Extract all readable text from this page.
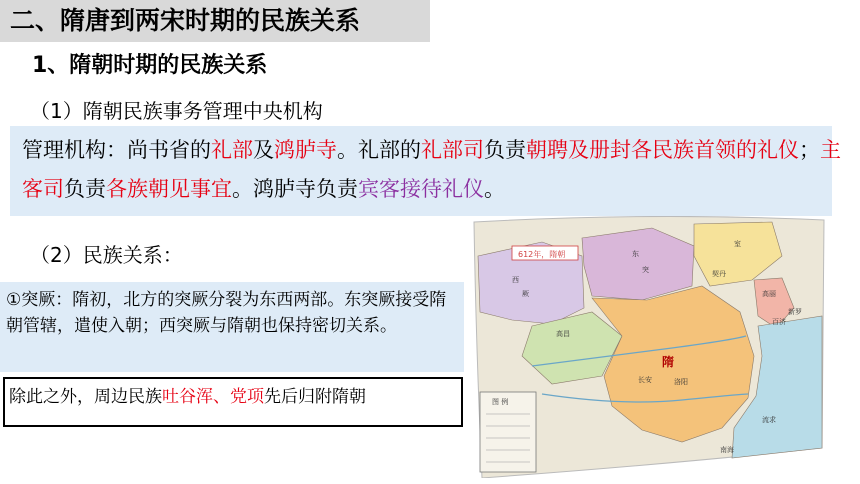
二、隋唐到两宋时期的民族关系
1、隋朝时期的民族关系
（1）隋朝民族事务管理中央机构
管理机构：尚书省的礼部及鸿胪寺。礼部的礼部司负责朝聘及册封各民族首领的礼仪；主客司负责各族朝见事宜。鸿胪寺负责宾客接待礼仪。
（2）民族关系：
①突厥：隋初，北方的突厥分裂为东西两部。东突厥接受隋朝管辖，遣使入朝；西突厥与隋朝也保持密切关系。
除此之外，周边民族吐谷浑、党项先后归附隋朝
612年，隋朝
隋
东
突
西
厥
长安	洛阳
高昌
室
契丹
高丽
新罗
百济
流求
南海
图 例
